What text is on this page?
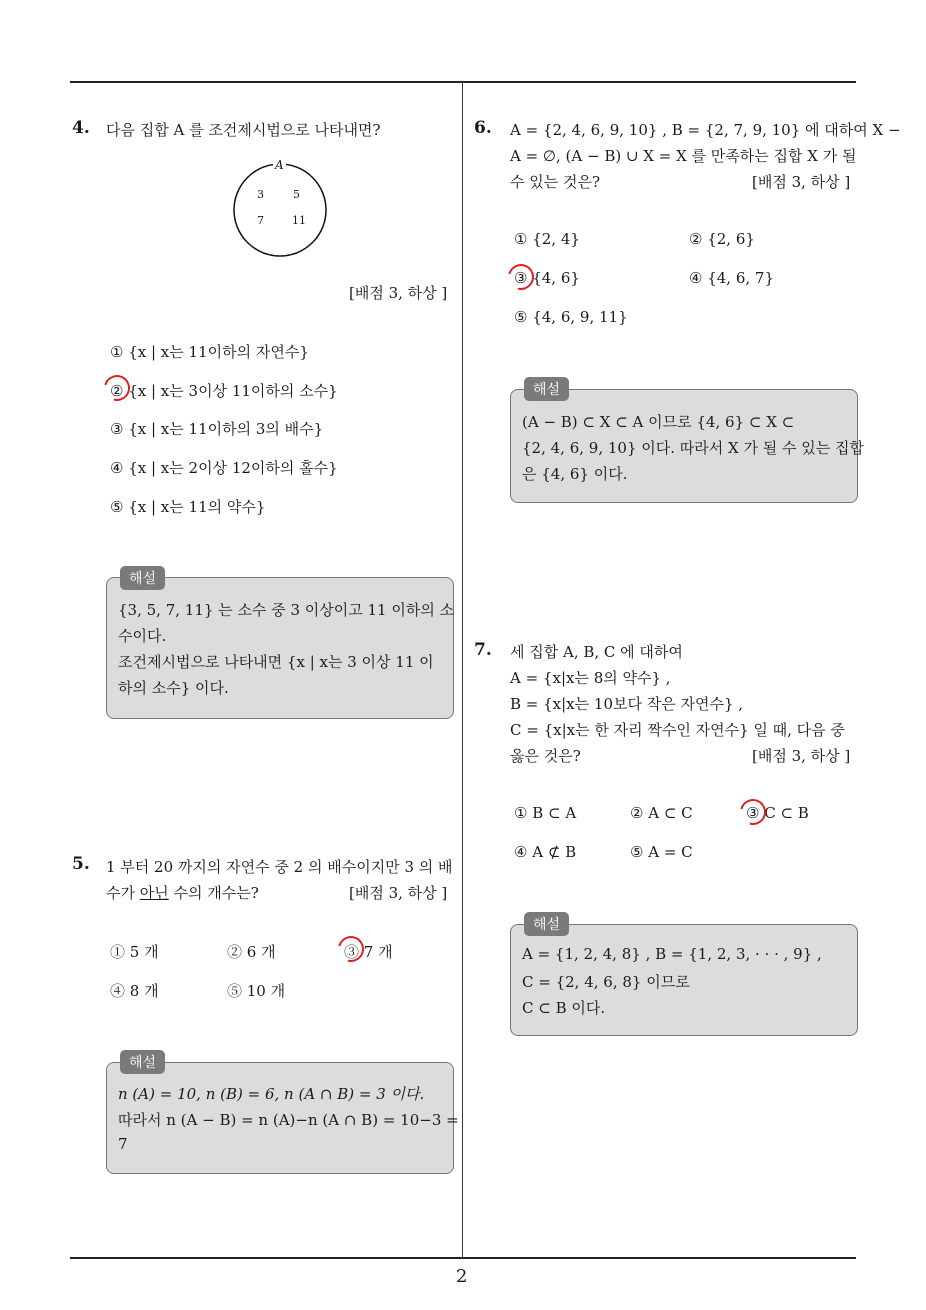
2
4. 다음 집합 A 를 조건제시법으로 나타내면?
A
3	5
7	11
[배점 3, 하상 ]
① {x | x는 11이하의 자연수}
② {x | x는 3이상 11이하의 소수}
③ {x | x는 11이하의 3의 배수}
④ {x | x는 2이상 12이하의 홀수}
⑤ {x | x는 11의 약수}
해설
{3, 5, 7, 11} 는 소수 중 3 이상이고 11 이하의 소
수이다.
조건제시법으로 나타내면 {x | x는 3 이상 11 이
하의 소수} 이다.
5. 1 부터 20 까지의 자연수 중 2 의 배수이지만 3 의 배
수가 아닌 수의 개수는?	[배점 3, 하상 ]
① 5 개	② 6 개	③ 7 개
④ 8 개	⑤ 10 개
해설
n (A) = 10, n (B) = 6, n (A ∩ B) = 3 이다.
따라서 n (A − B) = n (A)−n (A ∩ B) = 10−3 =
7
6. A = {2, 4, 6, 9, 10} , B = {2, 7, 9, 10} 에 대하여 X −
A = ∅, (A − B) ∪ X = X 를 만족하는 집합 X 가 될
수 있는 것은?	[배점 3, 하상 ]
① {2, 4}	② {2, 6}
③ {4, 6}	④ {4, 6, 7}
⑤ {4, 6, 9, 11}
해설
(A − B) ⊂ X ⊂ A 이므로 {4, 6} ⊂ X ⊂
{2, 4, 6, 9, 10} 이다. 따라서 X 가 될 수 있는 집합
은 {4, 6} 이다.
7. 세 집합 A, B, C 에 대하여
A = {x|x는 8의 약수} ,
B = {x|x는 10보다 작은 자연수} ,
C = {x|x는 한 자리 짝수인 자연수} 일 때, 다음 중
옳은 것은?	[배점 3, 하상 ]
① B ⊂ A	② A ⊂ C	③ C ⊂ B
④ A ⊄ B	⑤ A = C
해설
A = {1, 2, 4, 8} , B = {1, 2, 3, · · · , 9} ,
C = {2, 4, 6, 8} 이므로
C ⊂ B 이다.
